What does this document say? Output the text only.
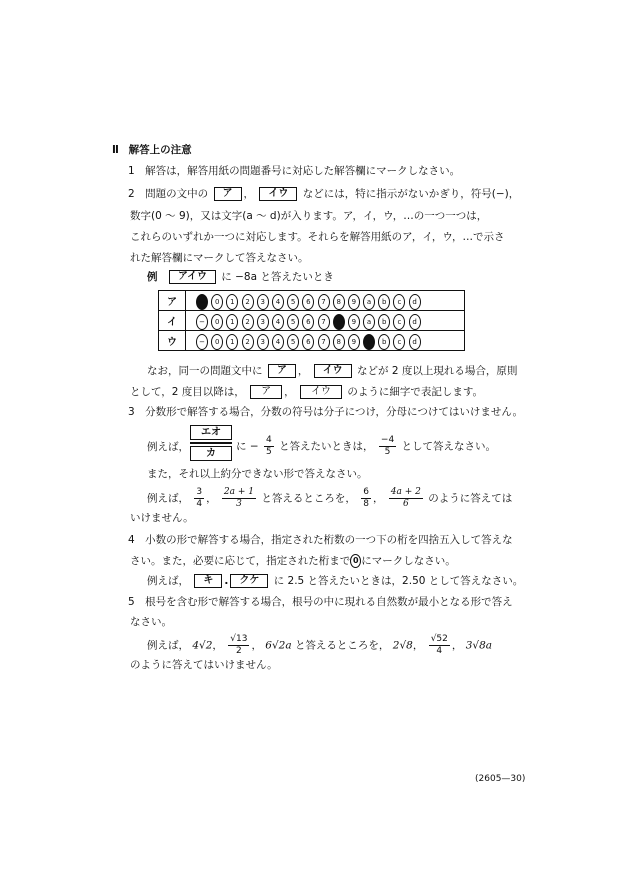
Ⅱ 解答上の注意
1　解答は，解答用紙の問題番号に対応した解答欄にマークしなさい。
2　問題の文中の ア ， イウ などには，特に指示がないかぎり，符号(−)，
数字(0 ～ 9)，又は文字(a ～ d)が入ります。ア，イ，ウ，…の一つ一つは，
これらのいずれか一つに対応します。それらを解答用紙のア，イ，ウ，…で示さ
れた解答欄にマークして答えなさい。
例 アイウ に −8a と答えたいとき
ア	− 0 1 2 3 4 5 6 7 8 9 a b c d
イ	− 0 1 2 3 4 5 6 7 8 9 a b c d
ウ	− 0 1 2 3 4 5 6 7 8 9 a b c d
なお，同一の問題文中に ア ， イウ などが 2 度以上現れる場合，原則
として，2 度目以降は， ア ， イウ のように細字で表記します。
3　分数形で解答する場合，分数の符号は分子につけ，分母につけてはいけません。
例えば，
エオ
カ
に − $\frac{4}{5}$ と答えたいときは， $\frac{-4}{5}$ として答えなさい。
また，それ以上約分できない形で答えなさい。
例えば， $\frac{3}{4}$ ， $\frac{2a + 1}{3}$ と答えるところを， $\frac{6}{8}$ ， $\frac{4a + 2}{6}$ のように答えては
いけません。
4　小数の形で解答する場合，指定された桁数の一つ下の桁を四捨五入して答えな
さい。また，必要に応じて，指定された桁まで 0 にマークしなさい。
例えば， キ . クケ に 2.5 と答えたいときは，2.50 として答えなさい。
5　根号を含む形で解答する場合，根号の中に現れる自然数が最小となる形で答え
なさい。
例えば， 4√2， $\frac{√13}{2}$ ， 6√2a と答えるところを， 2√8， $\frac{√52}{4}$ ， 3√8a
のように答えてはいけません。
(2605—30)
